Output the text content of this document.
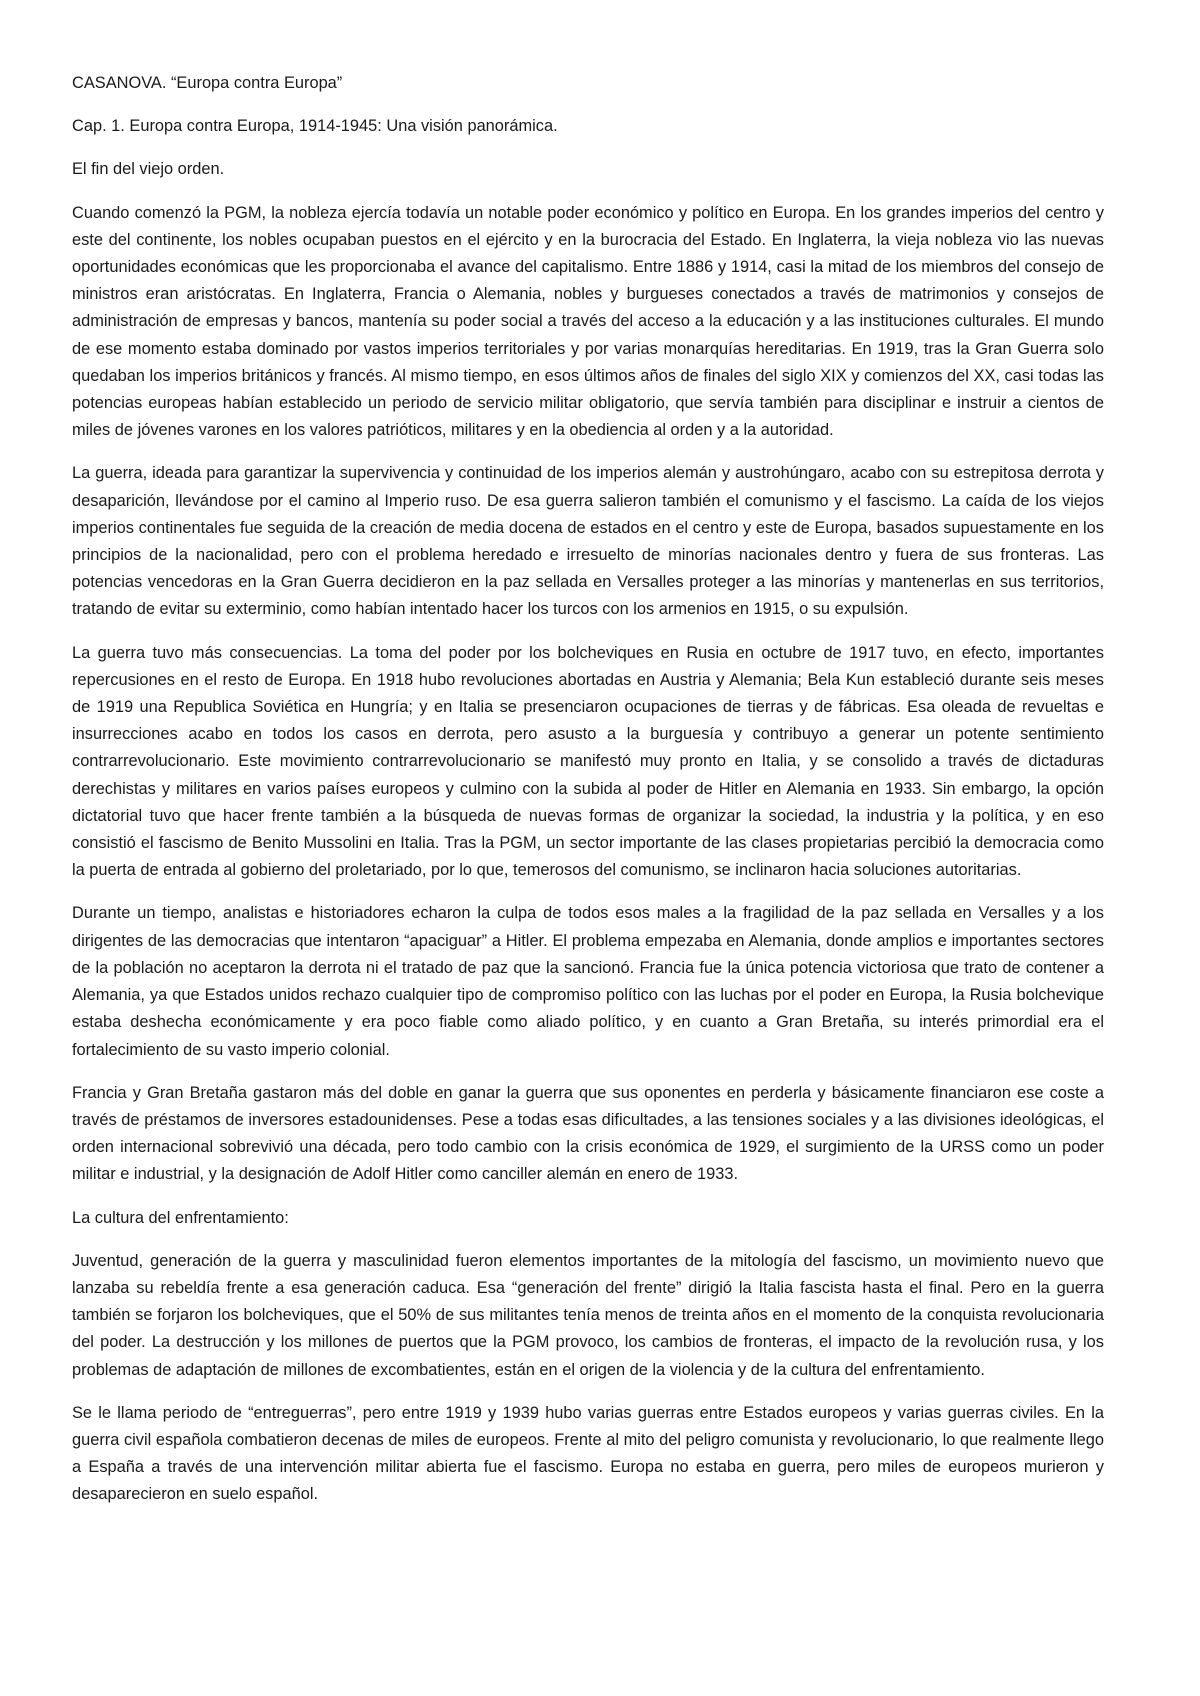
CASANOVA. “Europa contra Europa”

Cap. 1. Europa contra Europa, 1914-1945: Una visión panorámica.

El fin del viejo orden.

Cuando comenzó la PGM, la nobleza ejercía todavía un notable poder económico y político en Europa. En los grandes imperios del centro y este del continente, los nobles ocupaban puestos en el ejército y en la burocracia del Estado. En Inglaterra, la vieja nobleza vio las nuevas oportunidades económicas que les proporcionaba el avance del capitalismo. Entre 1886 y 1914, casi la mitad de los miembros del consejo de ministros eran aristócratas. En Inglaterra, Francia o Alemania, nobles y burgueses conectados a través de matrimonios y consejos de administración de empresas y bancos, mantenía su poder social a través del acceso a la educación y a las instituciones culturales. El mundo de ese momento estaba dominado por vastos imperios territoriales y por varias monarquías hereditarias. En 1919, tras la Gran Guerra solo quedaban los imperios británicos y francés. Al mismo tiempo, en esos últimos años de finales del siglo XIX y comienzos del XX, casi todas las potencias europeas habían establecido un periodo de servicio militar obligatorio, que servía también para disciplinar e instruir a cientos de miles de jóvenes varones en los valores patrióticos, militares y en la obediencia al orden y a la autoridad.

La guerra, ideada para garantizar la supervivencia y continuidad de los imperios alemán y austrohúngaro, acabo con su estrepitosa derrota y desaparición, llevándose por el camino al Imperio ruso. De esa guerra salieron también el comunismo y el fascismo. La caída de los viejos imperios continentales fue seguida de la creación de media docena de estados en el centro y este de Europa, basados supuestamente en los principios de la nacionalidad, pero con el problema heredado e irresuelto de minorías nacionales dentro y fuera de sus fronteras. Las potencias vencedoras en la Gran Guerra decidieron en la paz sellada en Versalles proteger a las minorías y mantenerlas en sus territorios, tratando de evitar su exterminio, como habían intentado hacer los turcos con los armenios en 1915, o su expulsión.

La guerra tuvo más consecuencias. La toma del poder por los bolcheviques en Rusia en octubre de 1917 tuvo, en efecto, importantes repercusiones en el resto de Europa. En 1918 hubo revoluciones abortadas en Austria y Alemania; Bela Kun estableció durante seis meses de 1919 una Republica Soviética en Hungría; y en Italia se presenciaron ocupaciones de tierras y de fábricas. Esa oleada de revueltas e insurrecciones acabo en todos los casos en derrota, pero asusto a la burguesía y contribuyo a generar un potente sentimiento contrarrevolucionario. Este movimiento contrarrevolucionario se manifestó muy pronto en Italia, y se consolido a través de dictaduras derechistas y militares en varios países europeos y culmino con la subida al poder de Hitler en Alemania en 1933. Sin embargo, la opción dictatorial tuvo que hacer frente también a la búsqueda de nuevas formas de organizar la sociedad, la industria y la política, y en eso consistió el fascismo de Benito Mussolini en Italia. Tras la PGM, un sector importante de las clases propietarias percibió la democracia como la puerta de entrada al gobierno del proletariado, por lo que, temerosos del comunismo, se inclinaron hacia soluciones autoritarias.

Durante un tiempo, analistas e historiadores echaron la culpa de todos esos males a la fragilidad de la paz sellada en Versalles y a los dirigentes de las democracias que intentaron “apaciguar” a Hitler. El problema empezaba en Alemania, donde amplios e importantes sectores de la población no aceptaron la derrota ni el tratado de paz que la sancionó. Francia fue la única potencia victoriosa que trato de contener a Alemania, ya que Estados unidos rechazo cualquier tipo de compromiso político con las luchas por el poder en Europa, la Rusia bolchevique estaba deshecha económicamente y era poco fiable como aliado político, y en cuanto a Gran Bretaña, su interés primordial era el fortalecimiento de su vasto imperio colonial.

Francia y Gran Bretaña gastaron más del doble en ganar la guerra que sus oponentes en perderla y básicamente financiaron ese coste a través de préstamos de inversores estadounidenses. Pese a todas esas dificultades, a las tensiones sociales y a las divisiones ideológicas, el orden internacional sobrevivió una década, pero todo cambio con la crisis económica de 1929, el surgimiento de la URSS como un poder militar e industrial, y la designación de Adolf Hitler como canciller alemán en enero de 1933.

La cultura del enfrentamiento:

Juventud, generación de la guerra y masculinidad fueron elementos importantes de la mitología del fascismo, un movimiento nuevo que lanzaba su rebeldía frente a esa generación caduca. Esa “generación del frente” dirigió la Italia fascista hasta el final. Pero en la guerra también se forjaron los bolcheviques, que el 50% de sus militantes tenía menos de treinta años en el momento de la conquista revolucionaria del poder. La destrucción y los millones de puertos que la PGM provoco, los cambios de fronteras, el impacto de la revolución rusa, y los problemas de adaptación de millones de excombatientes, están en el origen de la violencia y de la cultura del enfrentamiento.

Se le llama periodo de “entreguerras”, pero entre 1919 y 1939 hubo varias guerras entre Estados europeos y varias guerras civiles. En la guerra civil española combatieron decenas de miles de europeos. Frente al mito del peligro comunista y revolucionario, lo que realmente llego a España a través de una intervención militar abierta fue el fascismo. Europa no estaba en guerra, pero miles de europeos murieron y desaparecieron en suelo español.
